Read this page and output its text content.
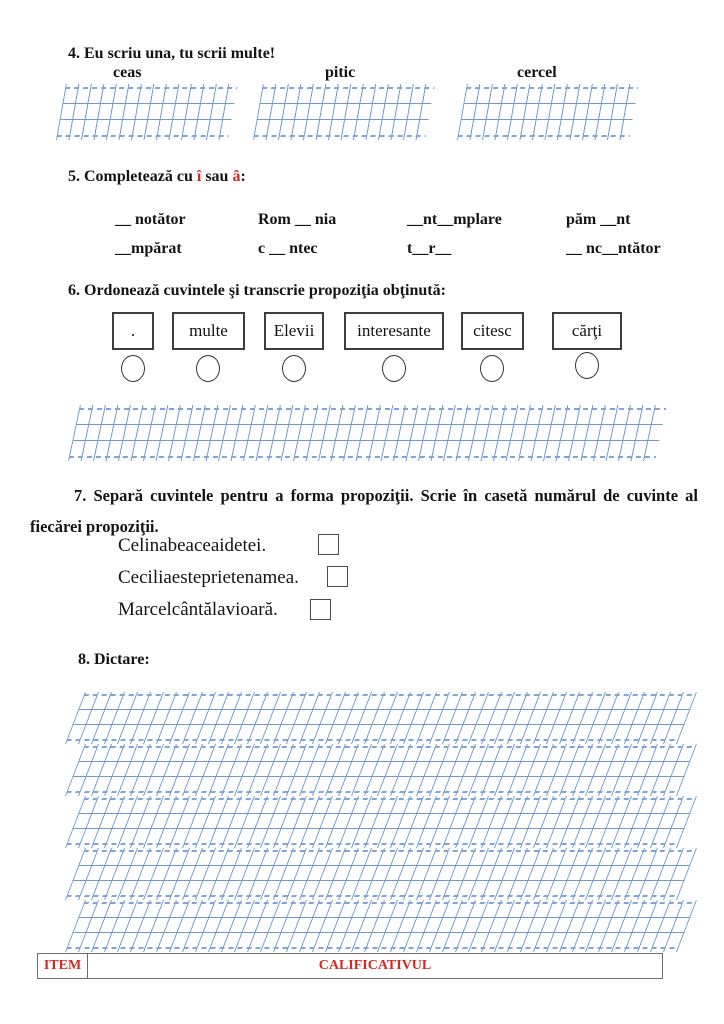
4. Eu scriu una, tu scrii multe!
ceas	pitic	cercel
5. Completează cu î sau â:
__ notător	Rom __ nia	__nt__mplare	păm __nt
__mpărat	c __ ntec	t__r__	__ nc__ntător
6. Ordonează cuvintele şi transcrie propoziţia obţinută:
.	multe	Elevii	interesante citesc	cărţi
7. Separă cuvintele pentru a forma propoziţii. Scrie în casetă numărul de cuvinte al fiecărei propoziţii.
Celinabeaceaidetei.
Ceciliaesteprietenamea.
Marcelcântălavioară.
8. Dictare:
ITEM	CALIFICATIVUL
